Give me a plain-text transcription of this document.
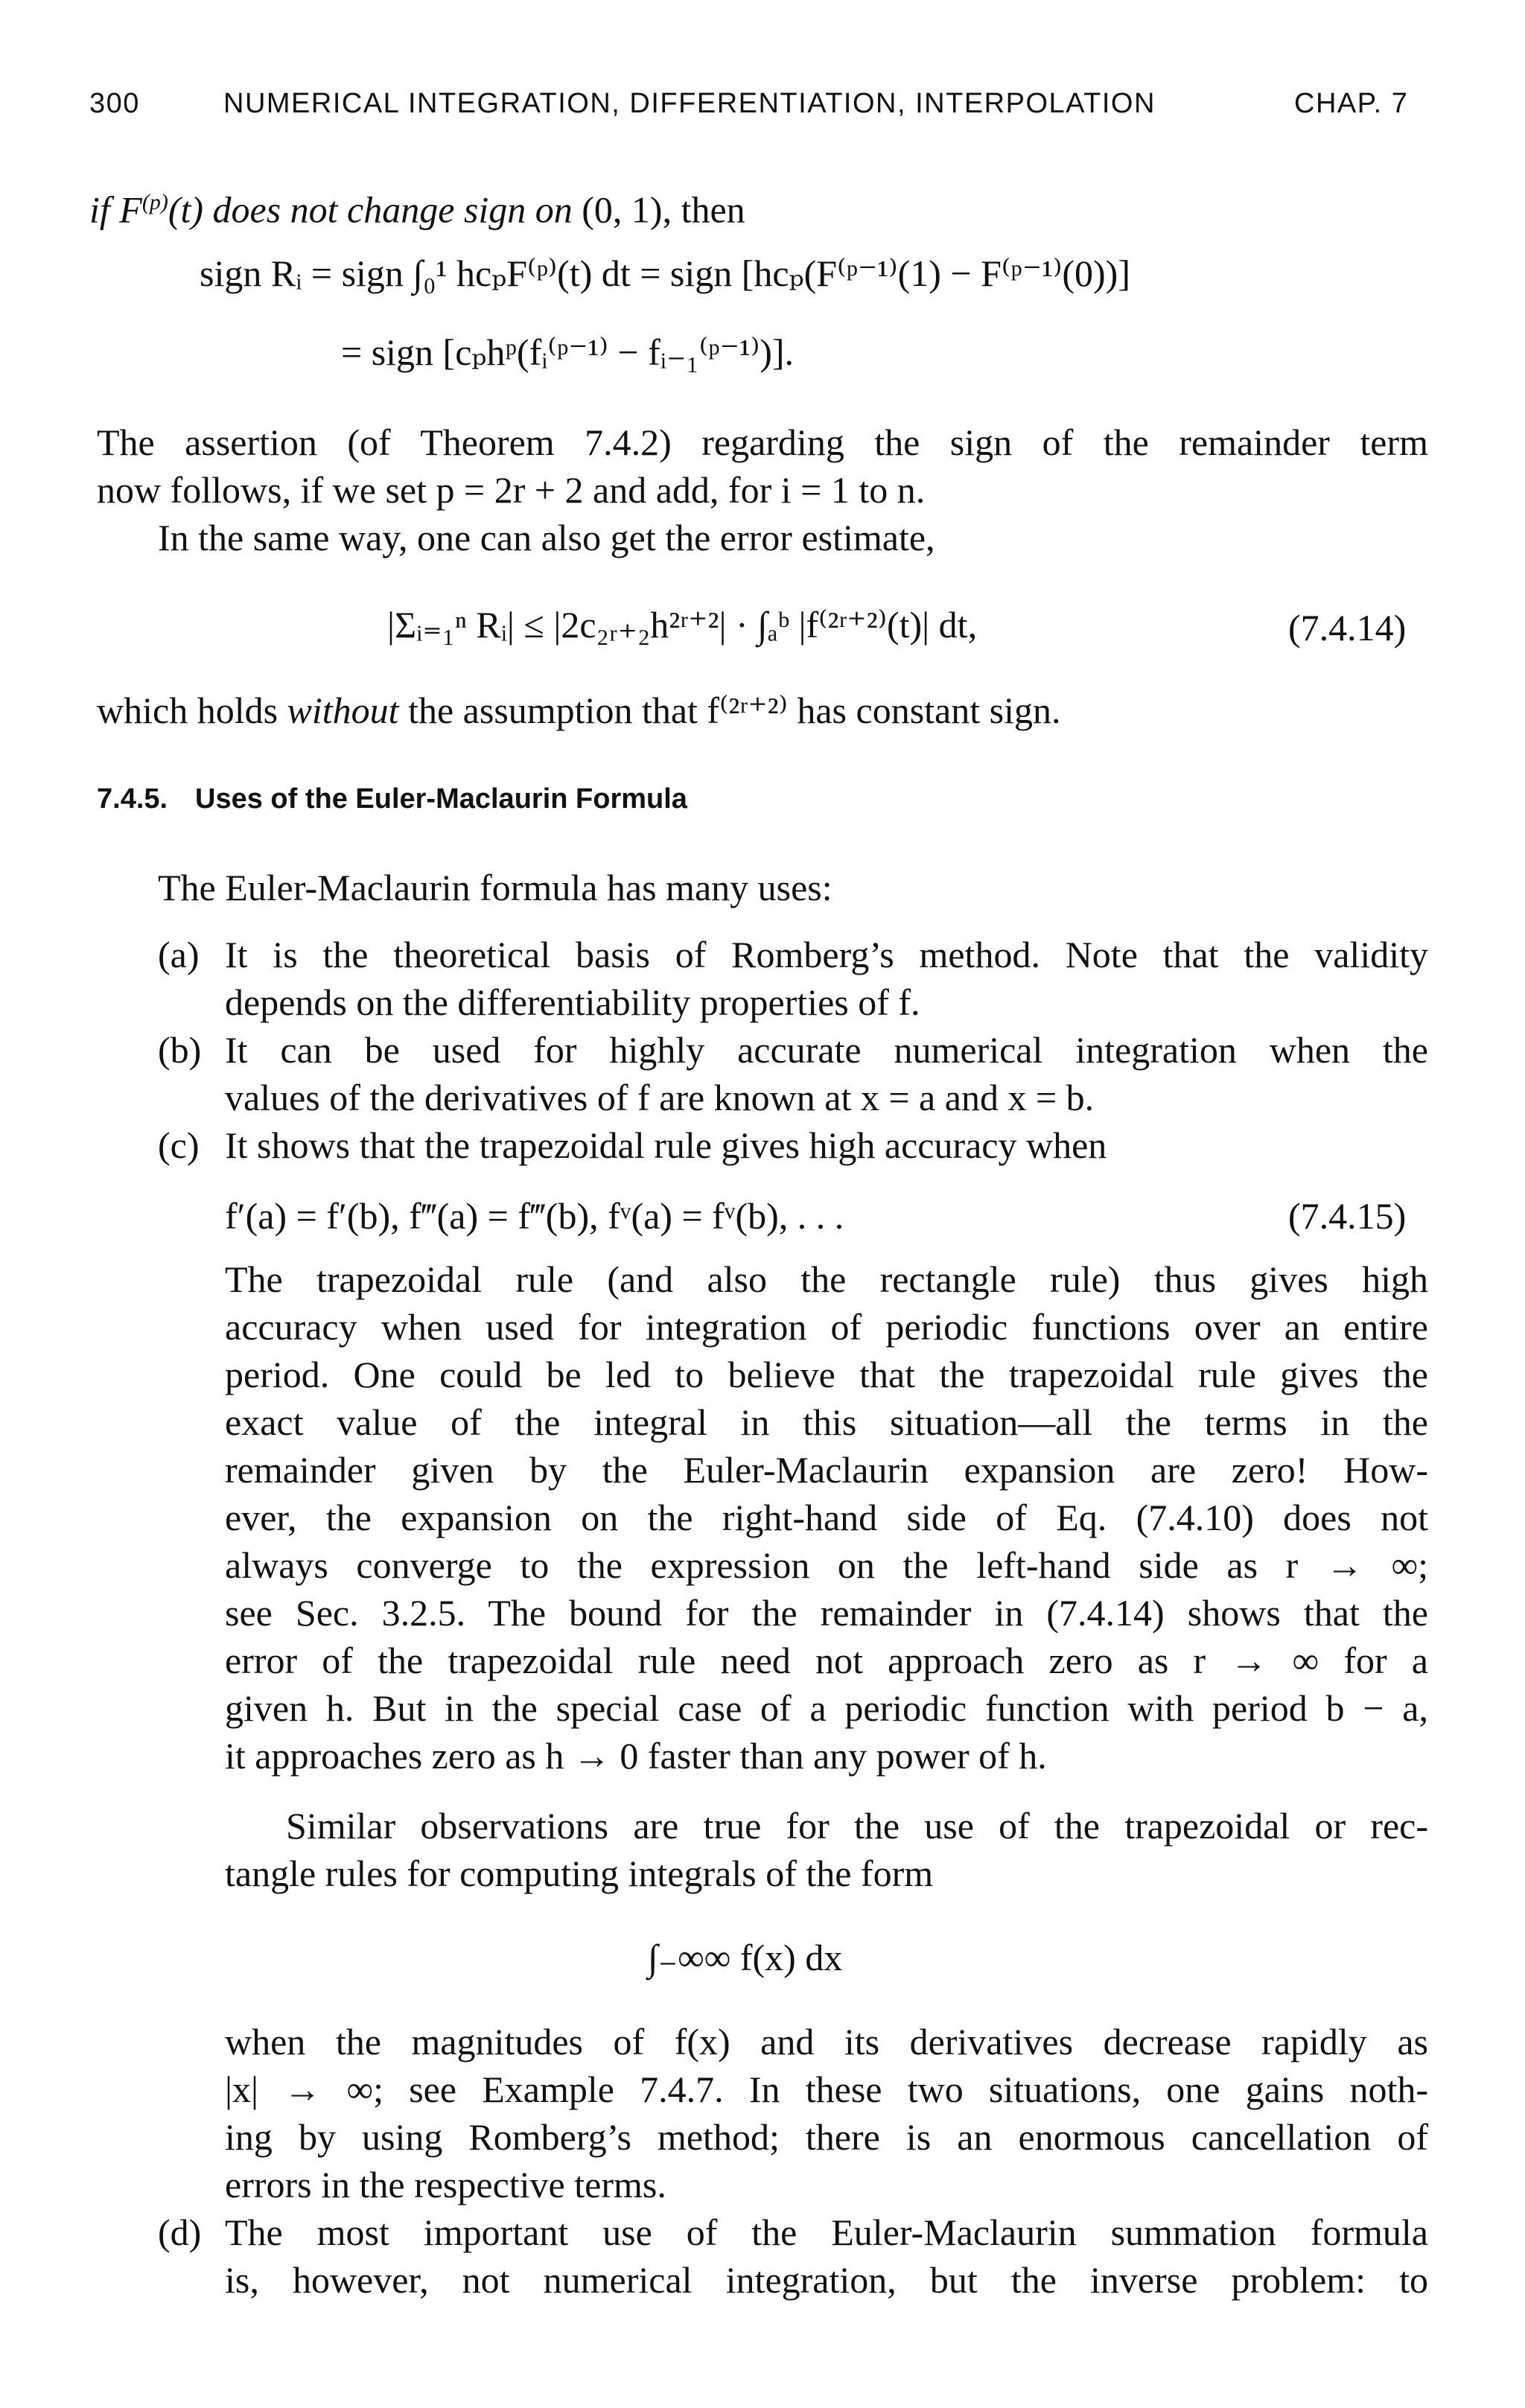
300	NUMERICAL INTEGRATION, DIFFERENTIATION, INTERPOLATION	CHAP. 7
if $F^{(p)}(t)$ does not change sign on (0, 1), then
sign Rᵢ = sign ∫₀¹ hcₚF⁽ᵖ⁾(t) dt = sign [hcₚ(F⁽ᵖ⁻¹⁾(1) − F⁽ᵖ⁻¹⁾(0))]
= sign [cₚhᵖ(fᵢ⁽ᵖ⁻¹⁾ − fᵢ₋₁⁽ᵖ⁻¹⁾)].
The assertion (of Theorem 7.4.2) regarding the sign of the remainder term
now follows, if we set p = 2r + 2 and add, for i = 1 to n.
In the same way, one can also get the error estimate,
|Σᵢ₌₁ⁿ Rᵢ| ≤ |2c₂ᵣ₊₂h²ʳ⁺²| · ∫ₐᵇ |f⁽²ʳ⁺²⁾(t)| dt,	(7.4.14)
which holds without the assumption that f⁽²ʳ⁺²⁾ has constant sign.
7.4.5. Uses of the Euler-Maclaurin Formula
The Euler-Maclaurin formula has many uses:
(a) It is the theoretical basis of Romberg’s method. Note that the validity
depends on the differentiability properties of f.
(b) It can be used for highly accurate numerical integration when the
values of the derivatives of f are known at x = a and x = b.
(c) It shows that the trapezoidal rule gives high accuracy when
f′(a) = f′(b), f‴(a) = f‴(b), fᵛ(a) = fᵛ(b), . . .	(7.4.15)
The trapezoidal rule (and also the rectangle rule) thus gives high
accuracy when used for integration of periodic functions over an entire
period. One could be led to believe that the trapezoidal rule gives the
exact value of the integral in this situation—all the terms in the
remainder given by the Euler-Maclaurin expansion are zero! How-
ever, the expansion on the right-hand side of Eq. (7.4.10) does not
always converge to the expression on the left-hand side as r → ∞;
see Sec. 3.2.5. The bound for the remainder in (7.4.14) shows that the
error of the trapezoidal rule need not approach zero as r → ∞ for a
given h. But in the special case of a periodic function with period b − a,
it approaches zero as h → 0 faster than any power of h.
Similar observations are true for the use of the trapezoidal or rec-
tangle rules for computing integrals of the form
∫₋∞∞ f(x) dx
when the magnitudes of f(x) and its derivatives decrease rapidly as
|x| → ∞; see Example 7.4.7. In these two situations, one gains noth-
ing by using Romberg’s method; there is an enormous cancellation of
errors in the respective terms.
(d) The most important use of the Euler-Maclaurin summation formula
is, however, not numerical integration, but the inverse problem: to
